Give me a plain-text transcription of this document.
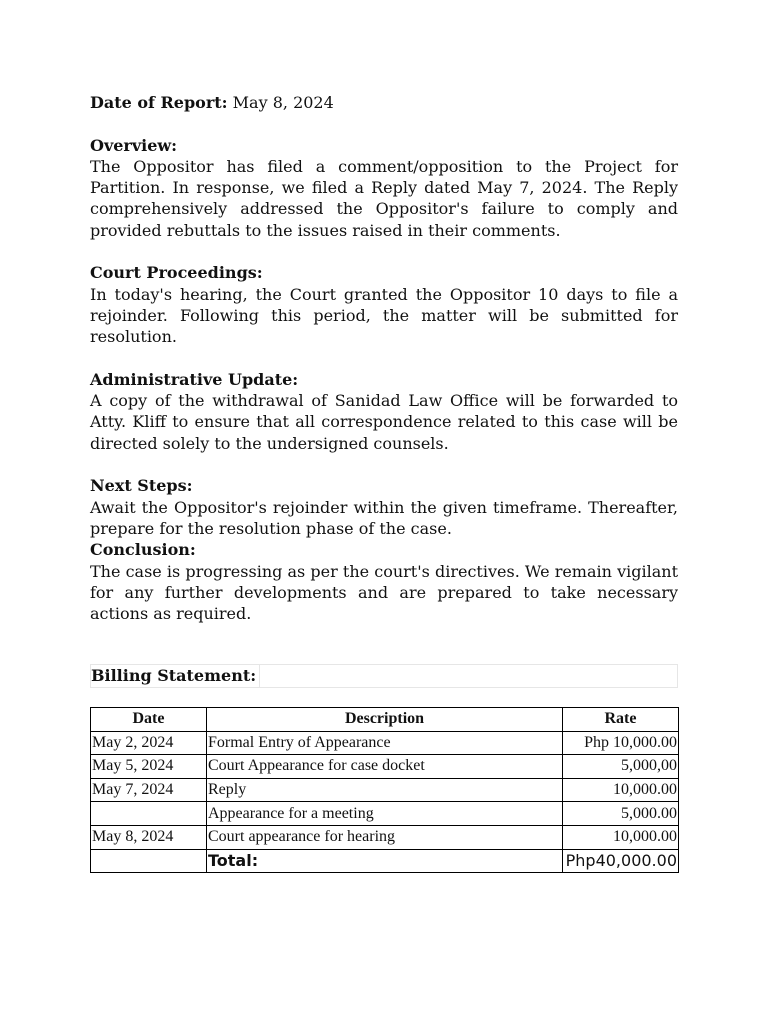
Date of Report: May 8, 2024

Overview:

The Oppositor has filed a comment/opposition to the Project for Partition. In response, we filed a Reply dated May 7, 2024. The Reply comprehensively addressed the Oppositor's failure to comply and provided rebuttals to the issues raised in their comments.

Court Proceedings:

In today's hearing, the Court granted the Oppositor 10 days to file a rejoinder. Following this period, the matter will be submitted for resolution.

Administrative Update:

A copy of the withdrawal of Sanidad Law Office will be forwarded to Atty. Kliff to ensure that all correspondence related to this case will be directed solely to the undersigned counsels.

Next Steps:

Await the Oppositor's rejoinder within the given timeframe. Thereafter, prepare for the resolution phase of the case.

Conclusion:

The case is progressing as per the court's directives. We remain vigilant for any further developments and are prepared to take necessary actions as required.

Billing Statement:
Date	Description	Rate
May 2, 2024	Formal Entry of Appearance	Php 10,000.00
May 5, 2024	Court Appearance for case docket	5,000,00
May 7, 2024	Reply	10,000.00
	Appearance for a meeting	5,000.00
May 8, 2024	Court appearance for hearing	10,000.00
	Total:	Php40,000.00
